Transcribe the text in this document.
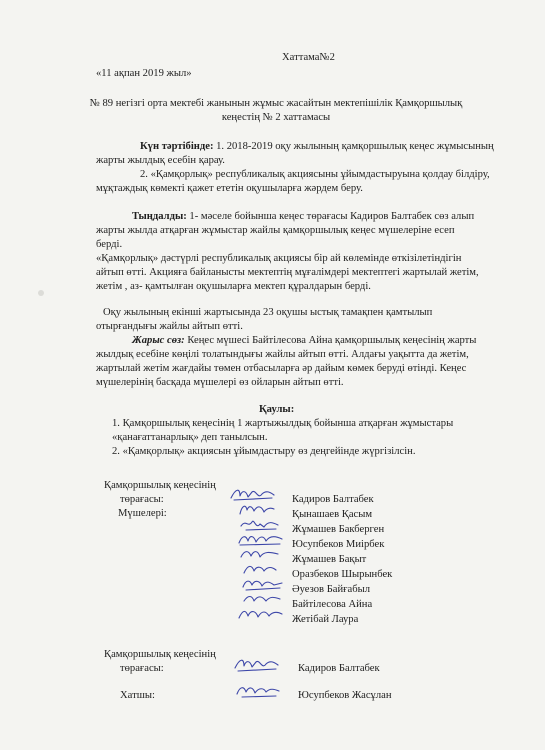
Хаттама№2
«11 ақпан 2019 жыл»
№ 89 негізгі орта мектебі жанынын жұмыс жасайтын мектепішілік Қамқоршылық
кеңестің № 2 хаттамасы
Күн тәртібінде: 1. 2018-2019 оқу жылының қамқоршылық кеңес жұмысының
жарты жылдық есебін қарау.
2. «Қамқорлық» республикалық акциясыны ұйымдастыруына қолдау білдіру,
мұқтаждық көмекті қажет ететін оқушыларға жәрдем беру.
Тыңдалды: 1- мәселе бойынша кеңес төрағасы Кадиров Балтабек сөз алып
жарты жылда атқарған жұмыстар жайлы қамқоршылық кеңес мүшелеріне есеп
берді.
«Қамқорлық» дәстүрлі республикалық акциясы бір ай көлемінде өткізілетіндігін
айтып өтті. Акцияға байланысты мектептің мұғалімдері мектептегі жартылай жетім,
жетім , аз- қамтылған оқушыларға мектеп құралдарын берді.
Оқу жылының екінші жартысында 23 оқушы ыстық тамақпен қамтылып
отырғандығы жайлы айтып өтті.
Жарыс сөз: Кеңес мүшесі Байтілесова Айна қамқоршылық кеңесінің жарты
жылдық есебіне көңілі толатындығы жайлы айтып өтті. Алдағы уақытта да жетім,
жартылай жетім жағдайы төмен отбасыларға әр дайым көмек беруді өтінді. Кеңес
мүшелерінің басқада мүшелері өз ойларын айтып өтті.
Қаулы:
1. Қамқоршылық кеңесінің 1 жартыжылдық бойынша атқарған жұмыстары
«қанағаттанарлық» деп танылсын.
2. «Қамқорлық» акциясын ұйымдастыру өз деңгейінде жүргізілсін.
Қамқоршылық кеңесінің
төрағасы:
Мүшелері:
Кадиров Балтабек
Қынашаев Қасым
Жұмашев Бакберген
Юсупбеков Миірбек
Жұмашев Бақыт
Оразбеков Шырынбек
Әуезов Байғабыл
Байтілесова Айна
Жетібай Лаура
Қамқоршылық кеңесінің
төрағасы:	Кадиров Балтабек
Хатшы:	Юсупбеков Жасұлан
